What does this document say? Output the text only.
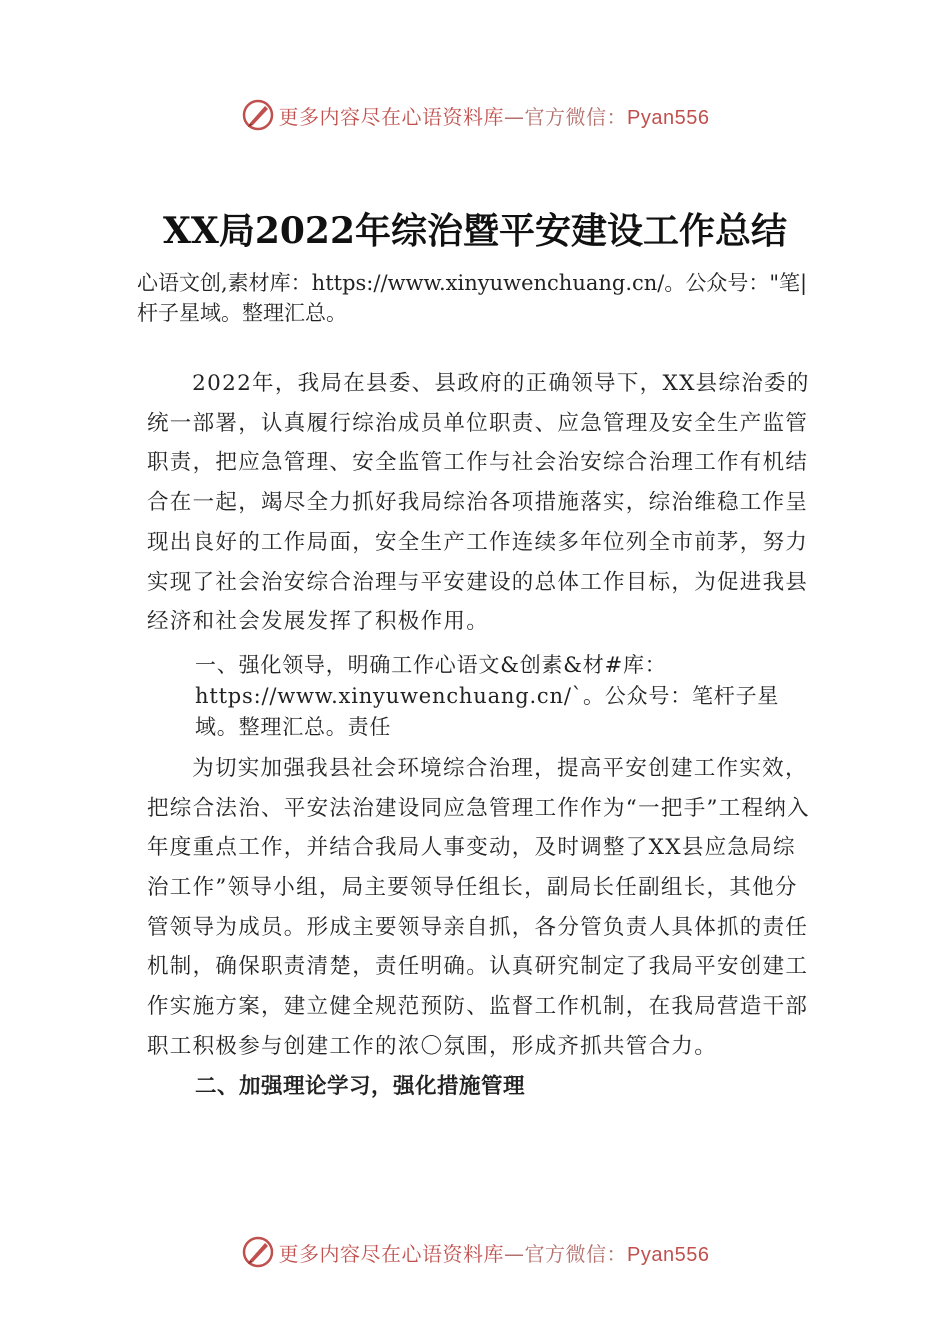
更多内容尽在心语资料库—官方微信：Pyan556
XX局2022年综治暨平安建设工作总结
心语文创,素材库：https://www.xinyuwenchuang.cn/。公众号："笔|杆子星域。整理汇总。

2022年，我局在县委、县政府的正确领导下，XX县综治委的统一部署，认真履行综治成员单位职责、应急管理及安全生产监管职责，把应急管理、安全监管工作与社会治安综合治理工作有机结合在一起，竭尽全力抓好我局综治各项措施落实，综治维稳工作呈现出良好的工作局面，安全生产工作连续多年位列全市前茅，努力实现了社会治安综合治理与平安建设的总体工作目标，为促进我县经济和社会发展发挥了积极作用。

一、强化领导，明确工作心语文&创素&材#库：https://www.xinyuwenchuang.cn/`。公众号：笔杆子星域。整理汇总。责任

为切实加强我县社会环境综合治理，提高平安创建工作实效，把综合法治、平安法治建设同应急管理工作作为“一把手”工程纳入年度重点工作，并结合我局人事变动，及时调整了XX县应急局综治工作”领导小组，局主要领导任组长，副局长任副组长，其他分管领导为成员。形成主要领导亲自抓，各分管负责人具体抓的责任机制，确保职责清楚，责任明确。认真研究制定了我局平安创建工作实施方案，建立健全规范预防、监督工作机制，在我局营造干部职工积极参与创建工作的浓〇氛围，形成齐抓共管合力。

二、加强理论学习，强化措施管理

更多内容尽在心语资料库—官方微信：Pyan556
